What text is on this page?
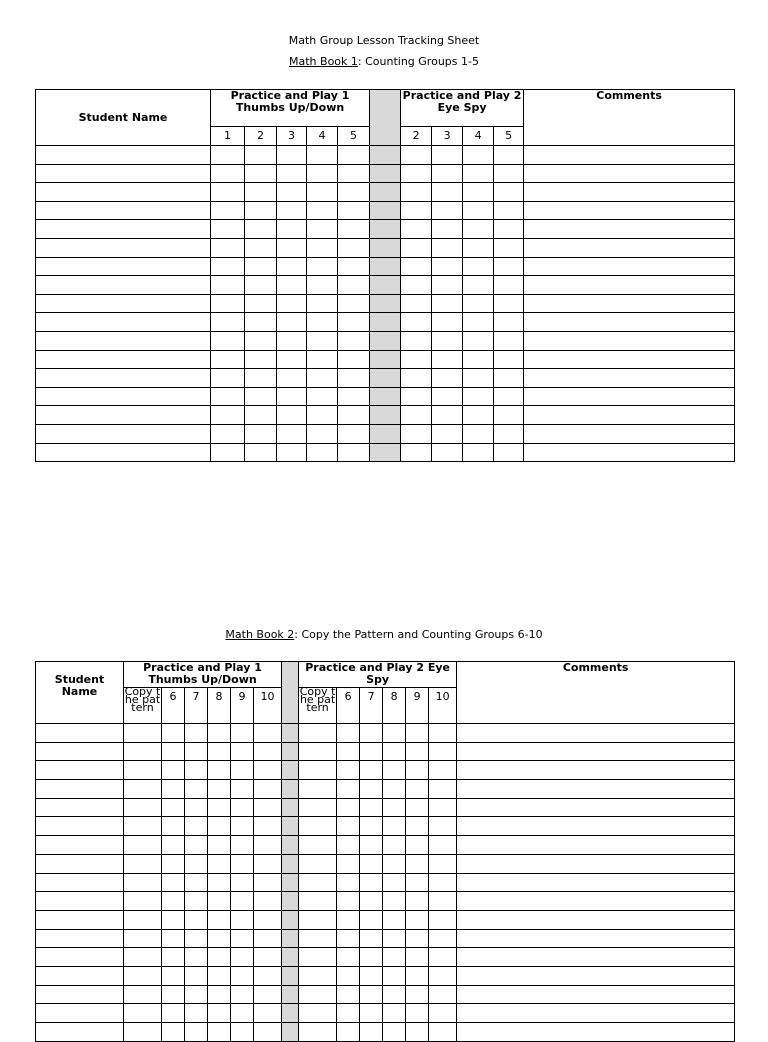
Math Group Lesson Tracking Sheet
Math Book 1: Counting Groups 1-5
Student Name	Practice and Play 1 Thumbs Up/Down						Practice and Play 2 Eye Spy				Comments
	1	2	3	4	5		2	3	4	5	

Math Book 2: Copy the Pattern and Counting Groups 6-10
Student Name	Practice and Play 1 Thumbs Up/Down							Practice and Play 2 Eye Spy						Comments
	Copy the pattern	6	7	8	9	10		Copy the pattern	6	7	8	9	10	
